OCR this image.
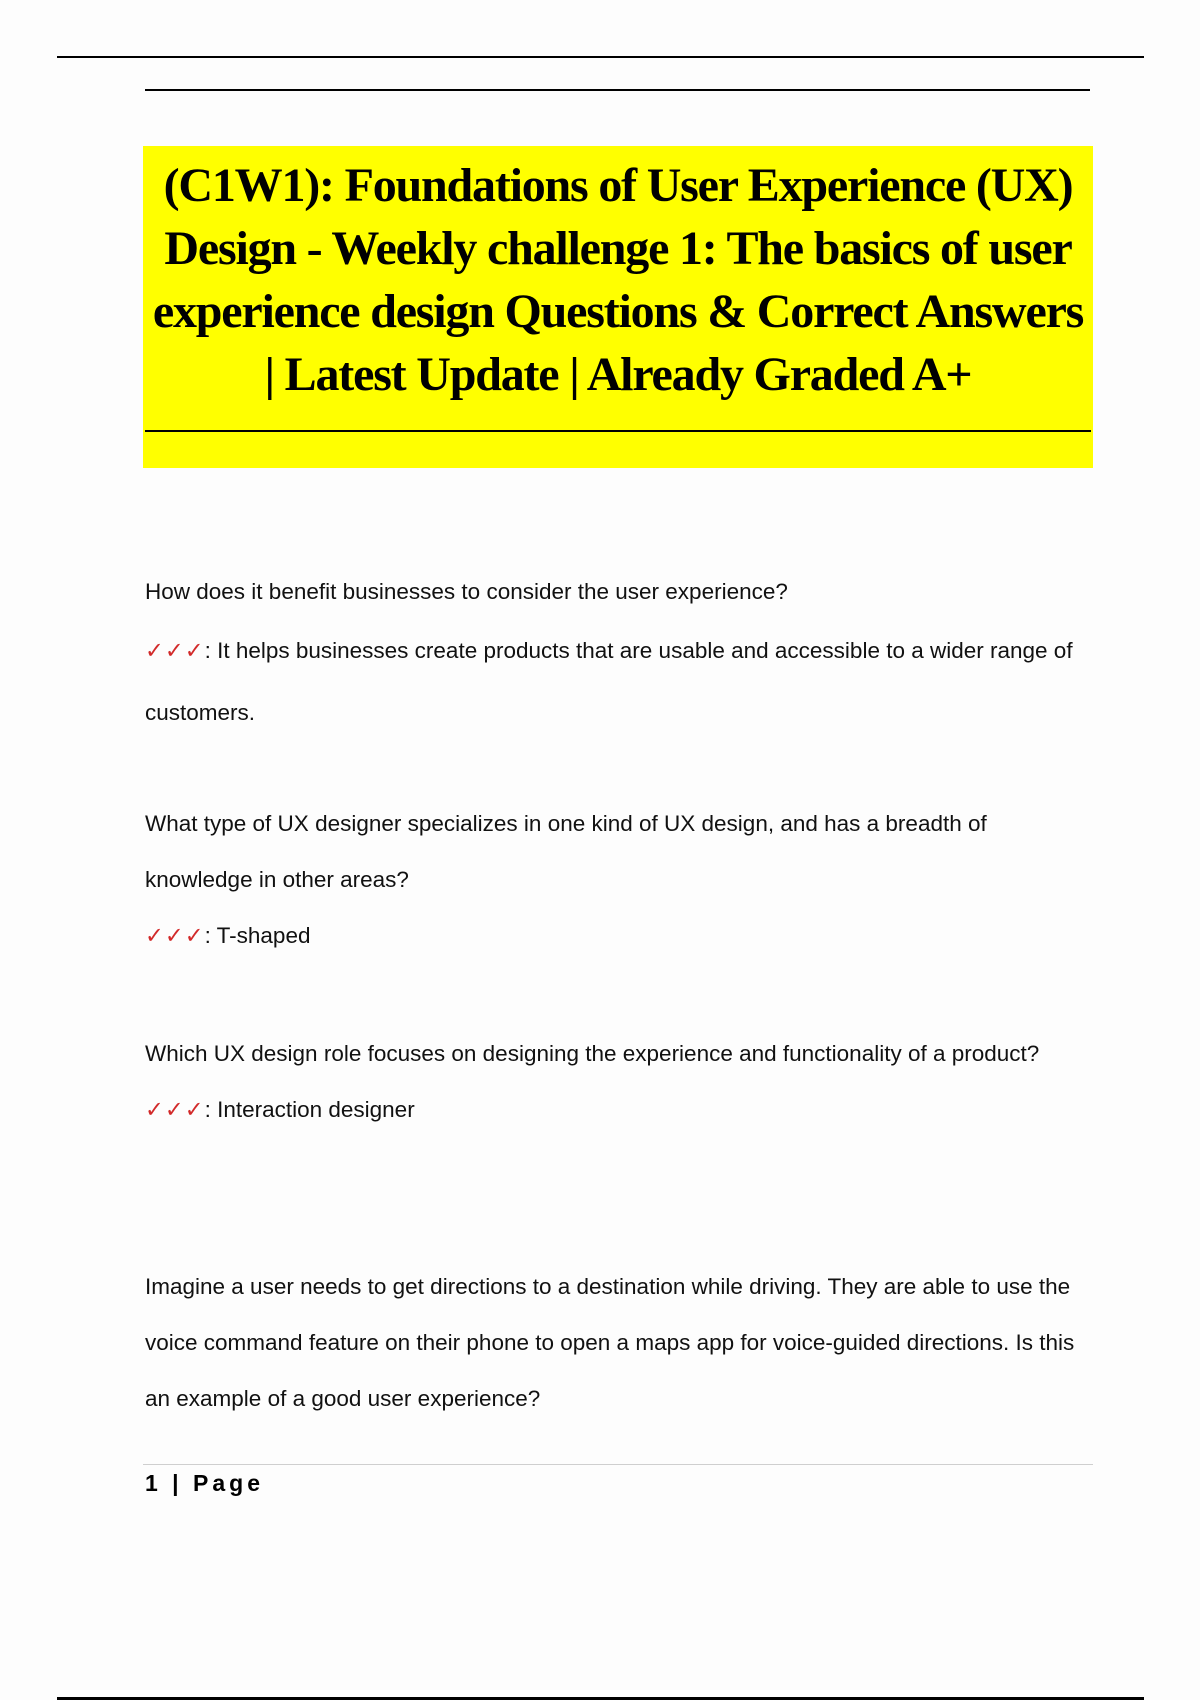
(C1W1): Foundations of User Experience (UX) Design - Weekly challenge 1: The basics of user experience design Questions & Correct Answers | Latest Update | Already Graded A+

How does it benefit businesses to consider the user experience?

✓✓✓: It helps businesses create products that are usable and accessible to a wider range of customers.

What type of UX designer specializes in one kind of UX design, and has a breadth of knowledge in other areas?

✓✓✓: T-shaped

Which UX design role focuses on designing the experience and functionality of a product?

✓✓✓: Interaction designer

Imagine a user needs to get directions to a destination while driving. They are able to use the voice command feature on their phone to open a maps app for voice-guided directions. Is this an example of a good user experience?

1 | Page
